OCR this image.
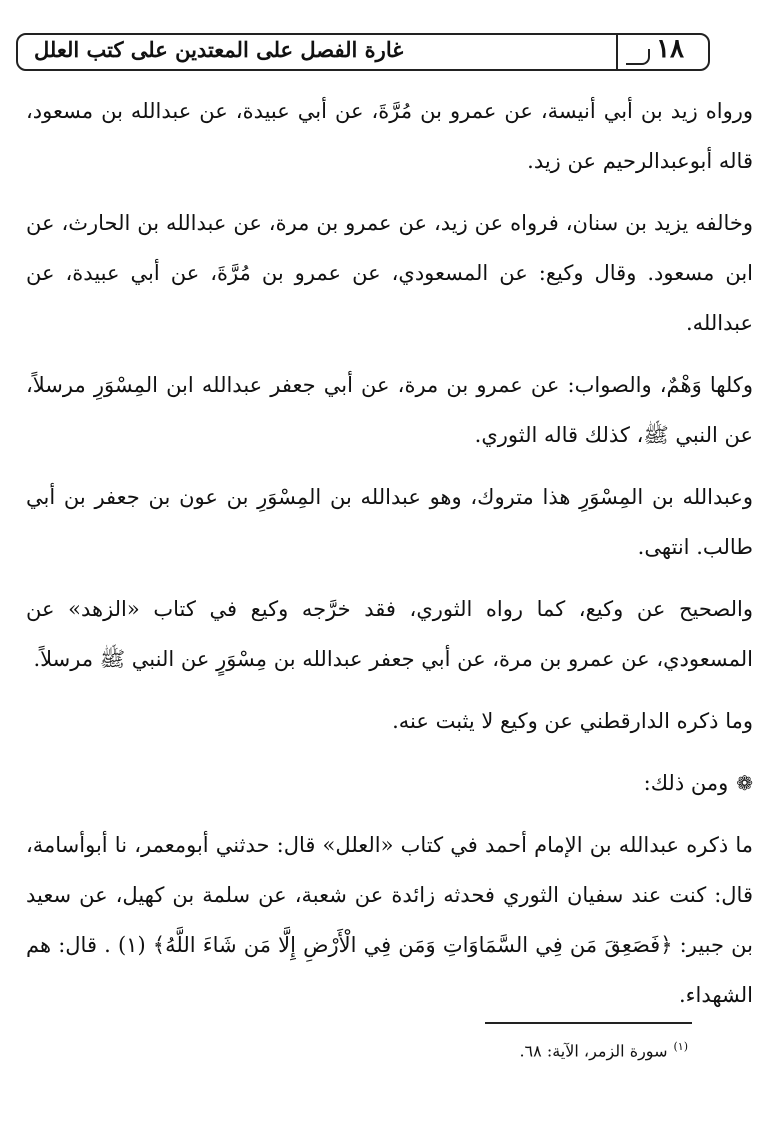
غارة الفصل على المعتدين على كتب العلل	١٨

ورواه زيد بن أبي أنيسة، عن عمرو بن مُرَّةَ، عن أبي عبيدة، عن عبدالله بن مسعود، قاله أبوعبدالرحيم عن زيد.

وخالفه يزيد بن سنان، فرواه عن زيد، عن عمرو بن مرة، عن عبدالله بن الحارث، عن ابن مسعود. وقال وكيع: عن المسعودي، عن عمرو بن مُرَّةَ، عن أبي عبيدة، عن عبدالله.

وكلها وَهْمٌ، والصواب: عن عمرو بن مرة، عن أبي جعفر عبدالله ابن المِسْوَرِ مرسلاً، عن النبي ﷺ، كذلك قاله الثوري.

وعبدالله بن المِسْوَرِ هذا متروك، وهو عبدالله بن المِسْوَرِ بن عون بن جعفر بن أبي طالب. انتهى.

والصحيح عن وكيع، كما رواه الثوري، فقد خرَّجه وكيع في كتاب «الزهد» عن المسعودي، عن عمرو بن مرة، عن أبي جعفر عبدالله بن مِسْوَرٍ عن النبي ﷺ مرسلاً.

وما ذكره الدارقطني عن وكيع لا يثبت عنه.

❁ومن ذلك:

ما ذكره عبدالله بن الإمام أحمد في كتاب «العلل» قال: حدثني أبومعمر، نا أبوأسامة، قال: كنت عند سفيان الثوري فحدثه زائدة عن شعبة، عن سلمة بن كهيل، عن سعيد بن جبير: ﴿فَصَعِقَ مَن فِي السَّمَاوَاتِ وَمَن فِي الْأَرْضِ إِلَّا مَن شَاءَ اللَّهُ﴾ (١) . قال: هم الشهداء.

$^{(١)}$سورة الزمر، الآية: ٦٨.
